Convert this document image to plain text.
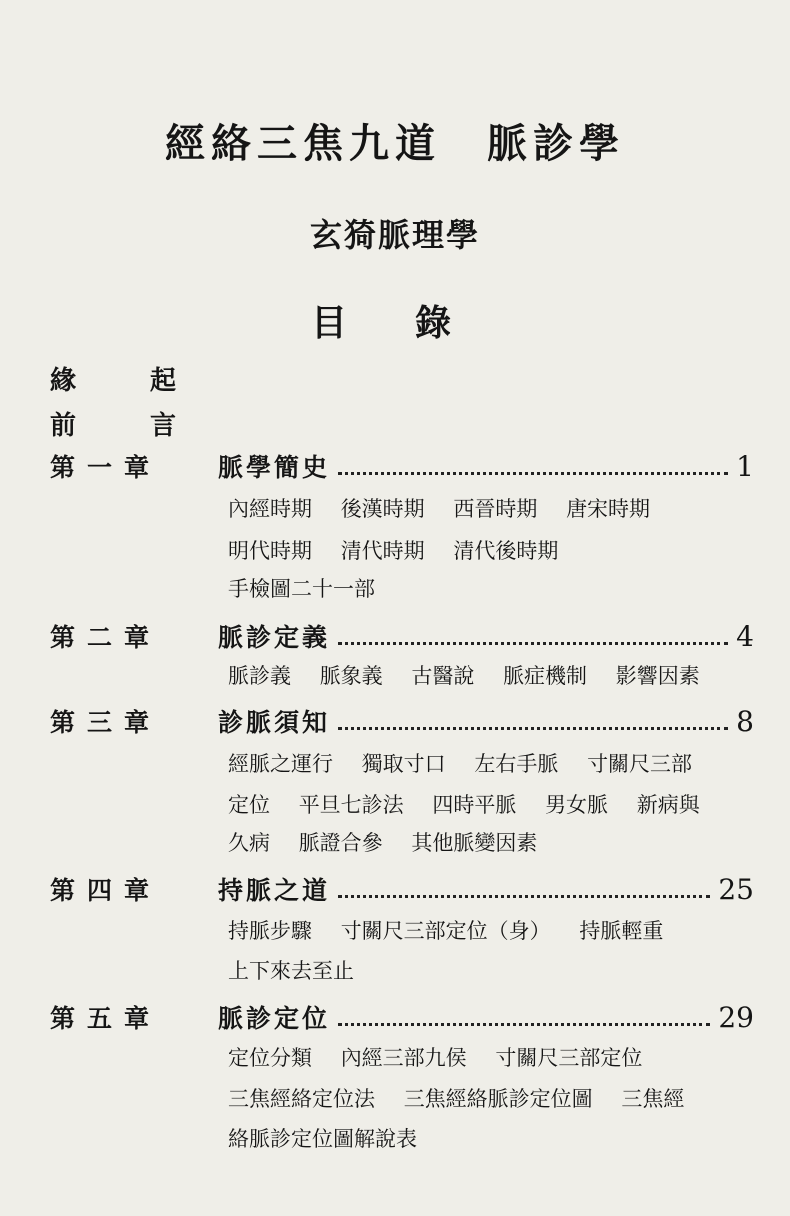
經絡三焦九道　脈診學
玄猗脈理學
目錄
緣起
前言
第一章	脈學簡史	1
內經時期 後漢時期 西晉時期 唐宋時期
明代時期 清代時期 清代後時期
手檢圖二十一部
第二章	脈診定義	4
脈診義 脈象義 古醫說 脈症機制 影響因素
第三章	診脈須知	8
經脈之運行 獨取寸口 左右手脈 寸關尺三部
定位 平旦七診法 四時平脈 男女脈 新病與
久病 脈證合參 其他脈變因素
第四章	持脈之道	25
持脈步驟 寸關尺三部定位（身） 持脈輕重
上下來去至止
第五章	脈診定位	29
定位分類 內經三部九侯 寸關尺三部定位
三焦經絡定位法 三焦經絡脈診定位圖 三焦經
絡脈診定位圖解說表
